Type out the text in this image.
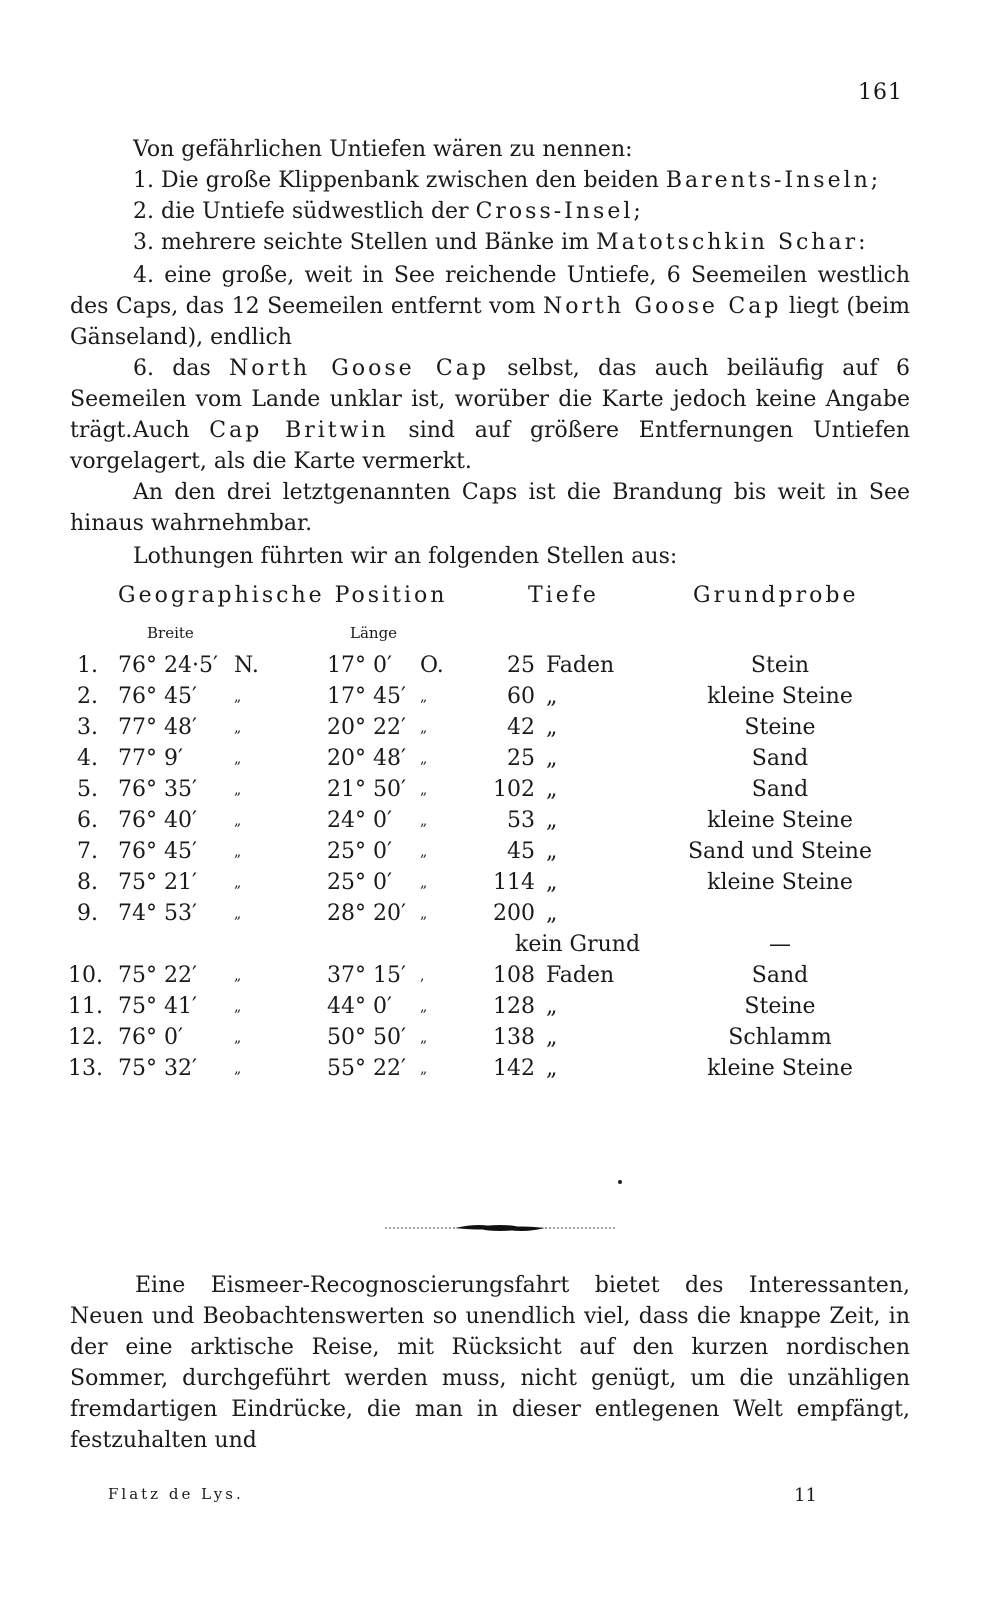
161
Von gefährlichen Untiefen wären zu nennen:
1. Die große Klippenbank zwischen den beiden Barents-Inseln;
2. die Untiefe südwestlich der Cross-Insel;
3. mehrere seichte Stellen und Bänke im Matotschkin Schar:

4. eine große, weit in See reichende Untiefe, 6 Seemeilen westlich des Caps, das 12 Seemeilen entfernt vom North Goose Cap liegt (beim Gänseland), endlich

6. das North Goose Cap selbst, das auch beiläufig auf 6 Seemeilen vom Lande unklar ist, worüber die Karte jedoch keine Angabe trägt. Auch Cap Britwin sind auf größere Entfernungen Untiefen vorgelagert, als die Karte vermerkt.

An den drei letztgenannten Caps ist die Brandung bis weit in See hinaus wahrnehmbar.

Lothungen führten wir an folgenden Stellen aus:
Geographische Position	Tiefe	Grundprobe
Breite	Länge
1. 76° 24·5′ N.	17° 0′ O.	25 Faden	Stein
2. 76° 45′	„	17° 45′ „	60 „	kleine Steine
3. 77° 48′	„	20° 22′ „	42 „	Steine
4. 77° 9′	„	20° 48′ „	25 „	Sand
5. 76° 35′	„	21° 50′ „	102 „	Sand
6. 76° 40′	„	24° 0′ „	53 „	kleine Steine
7. 76° 45′	„	25° 0′ „	45 „	Sand und Steine
8. 75° 21′	„	25° 0′ „	114 „	kleine Steine
9. 74° 53′	„	28° 20′ „	200 „
kein Grund	—
10. 75° 22′	„	37° 15′ ,	108 Faden	Sand
11. 75° 41′	„	44° 0′ „	128 „	Steine
12. 76° 0′	„	50° 50′ „	138 „	Schlamm
13. 75° 32′	„	55° 22′ „	142 „	kleine Steine

Eine Eismeer-Recognoscierungsfahrt bietet des Interessanten, Neuen und Beobachtenswerten so unendlich viel, dass die knappe Zeit, in der eine arktische Reise, mit Rücksicht auf den kurzen nordischen Sommer, durchgeführt werden muss, nicht genügt, um die unzähligen fremdartigen Eindrücke, die man in dieser entlegenen Welt empfängt, festzuhalten und

Flatz de Lys.	11
